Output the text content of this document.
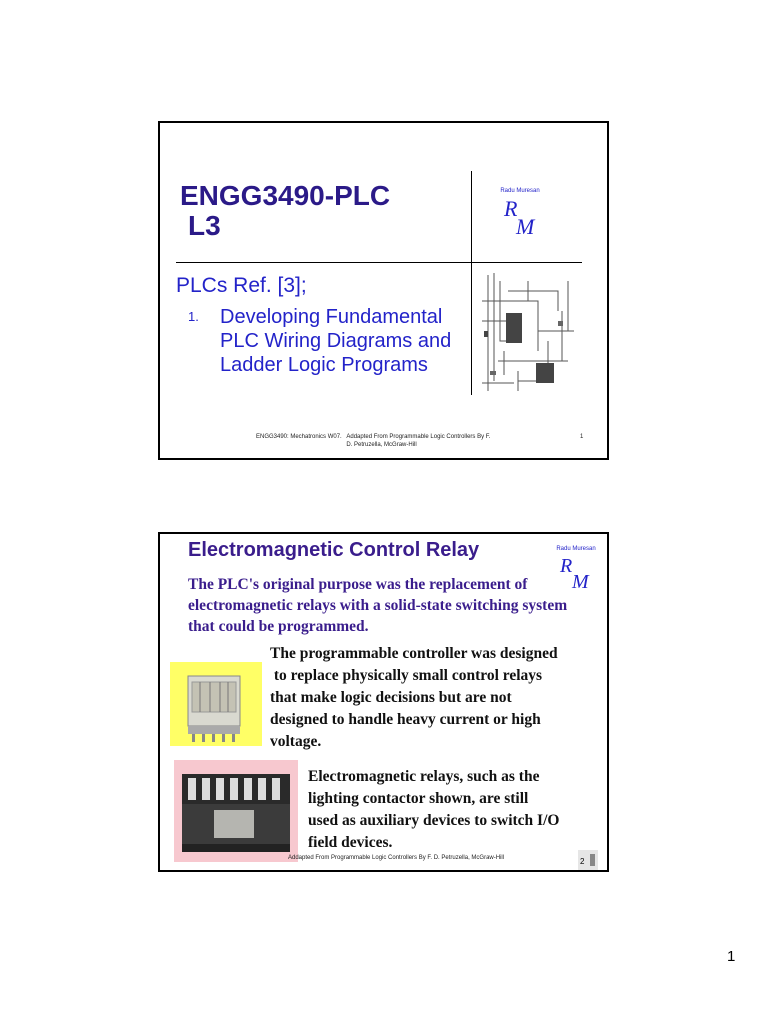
ENGG3490-PLC
L3
Radu Muresan
R
M
PLCs Ref. [3];
1. Developing Fundamental PLC Wiring Diagrams and Ladder Logic Programs
ENGG3490: Mechatronics W07. Addapted From Programmable Logic Controllers By F. D. Petruzella, McGraw-Hill
1
Electromagnetic Control Relay	Radu Muresan
R
M
The PLC's original purpose was the replacement of electromagnetic relays with a solid-state switching system that could be programmed.
The programmable controller was designed
to replace physically small control relays
that make logic decisions but are not
designed to handle heavy current or high
voltage.
Electromagnetic relays, such as the
lighting contactor shown, are still
used as auxiliary devices to switch I/O
field devices.
Addapted From Programmable Logic Controllers By F. D. Petruzella, McGraw-Hill	2
1
